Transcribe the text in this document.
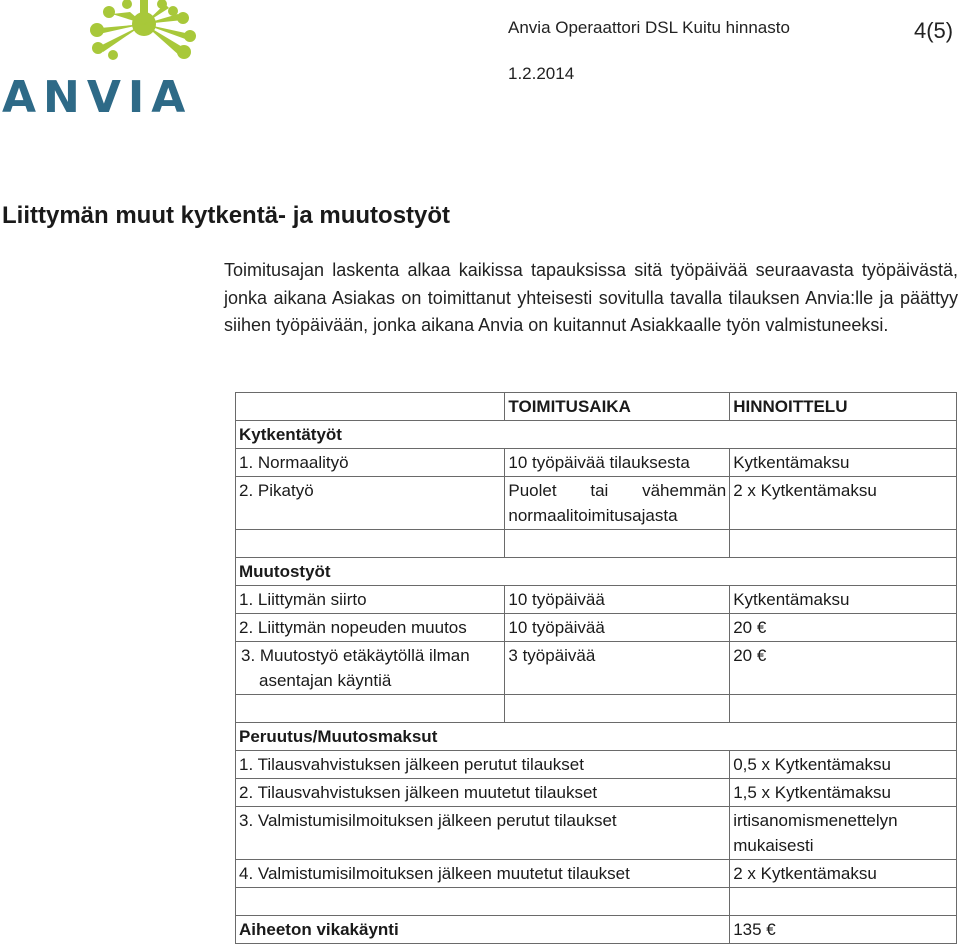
ANVIA
Anvia Operaattori DSL Kuitu hinnasto	4(5)
1.2.2014
Liittymän muut kytkentä- ja muutostyöt
Toimitusajan laskenta alkaa kaikissa tapauksissa sitä työpäivää seuraavasta työpäivästä, jonka aikana Asiakas on toimittanut yhteisesti sovitulla tavalla tilauksen Anvia:lle ja päättyy siihen työpäivään, jonka aikana Anvia on kuitannut Asiakkaalle työn valmistuneeksi.
	TOIMITUSAIKA	HINNOITTELU
Kytkentätyöt		
1. Normaalityö	10 työpäivää tilauksesta	Kytkentämaksu
2. Pikatyö	Puolet tai vähemmän normaalitoimitusajasta	2 x Kytkentämaksu

Muutostyöt		
1. Liittymän siirto	10 työpäivää	Kytkentämaksu
2. Liittymän nopeuden muutos	10 työpäivää	20 €

3. Muutostyö etäkäytöllä ilman asentajan käyntiä	3 työpäivää	20 €

Peruutus/Muutosmaksut		
1. Tilausvahvistuksen jälkeen perutut tilaukset		0,5 x Kytkentämaksu
2. Tilausvahvistuksen jälkeen muutetut tilaukset		1,5 x Kytkentämaksu
3. Valmistumisilmoituksen jälkeen perutut tilaukset		irtisanomismenettelyn mukaisesti
4. Valmistumisilmoituksen jälkeen muutetut tilaukset		2 x Kytkentämaksu

Aiheeton vikakäynti		135 €
